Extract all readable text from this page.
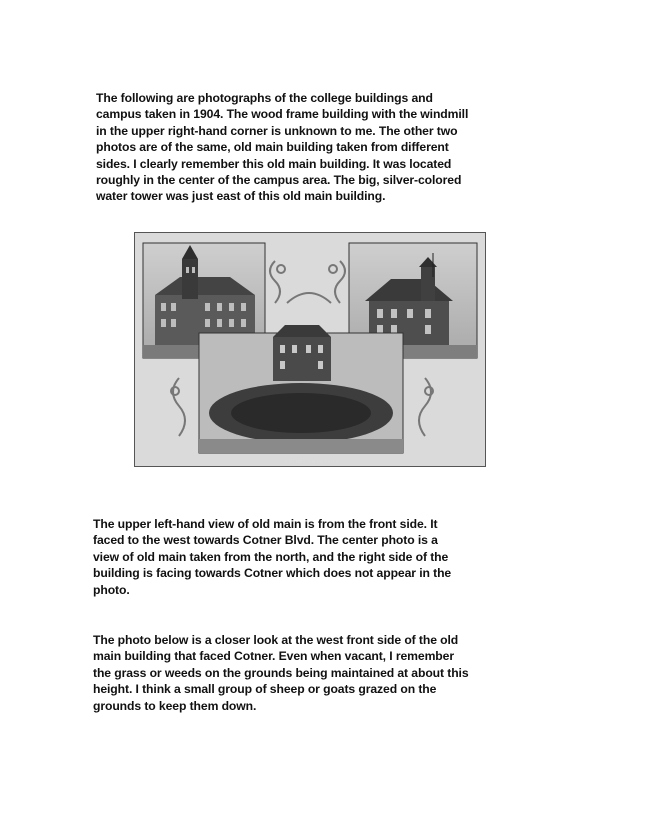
The following are photographs of the college buildings and
campus taken in 1904. The wood frame building with the windmill
in the upper right-hand corner is unknown to me. The other two
photos are of the same, old main building taken from different
sides. I clearly remember this old main building. It was located
roughly in the center of the campus area. The big, silver-colored
water tower was just east of this old main building.

COTNER UNIVERSITY

The upper left-hand view of old main is from the front side. It
faced to the west towards Cotner Blvd. The center photo is a
view of old main taken from the north, and the right side of the
building is facing towards Cotner which does not appear in the
photo.

The photo below is a closer look at the west front side of the old
main building that faced Cotner. Even when vacant, I remember
the grass or weeds on the grounds being maintained at about this
height. I think a small group of sheep or goats grazed on the
grounds to keep them down.
